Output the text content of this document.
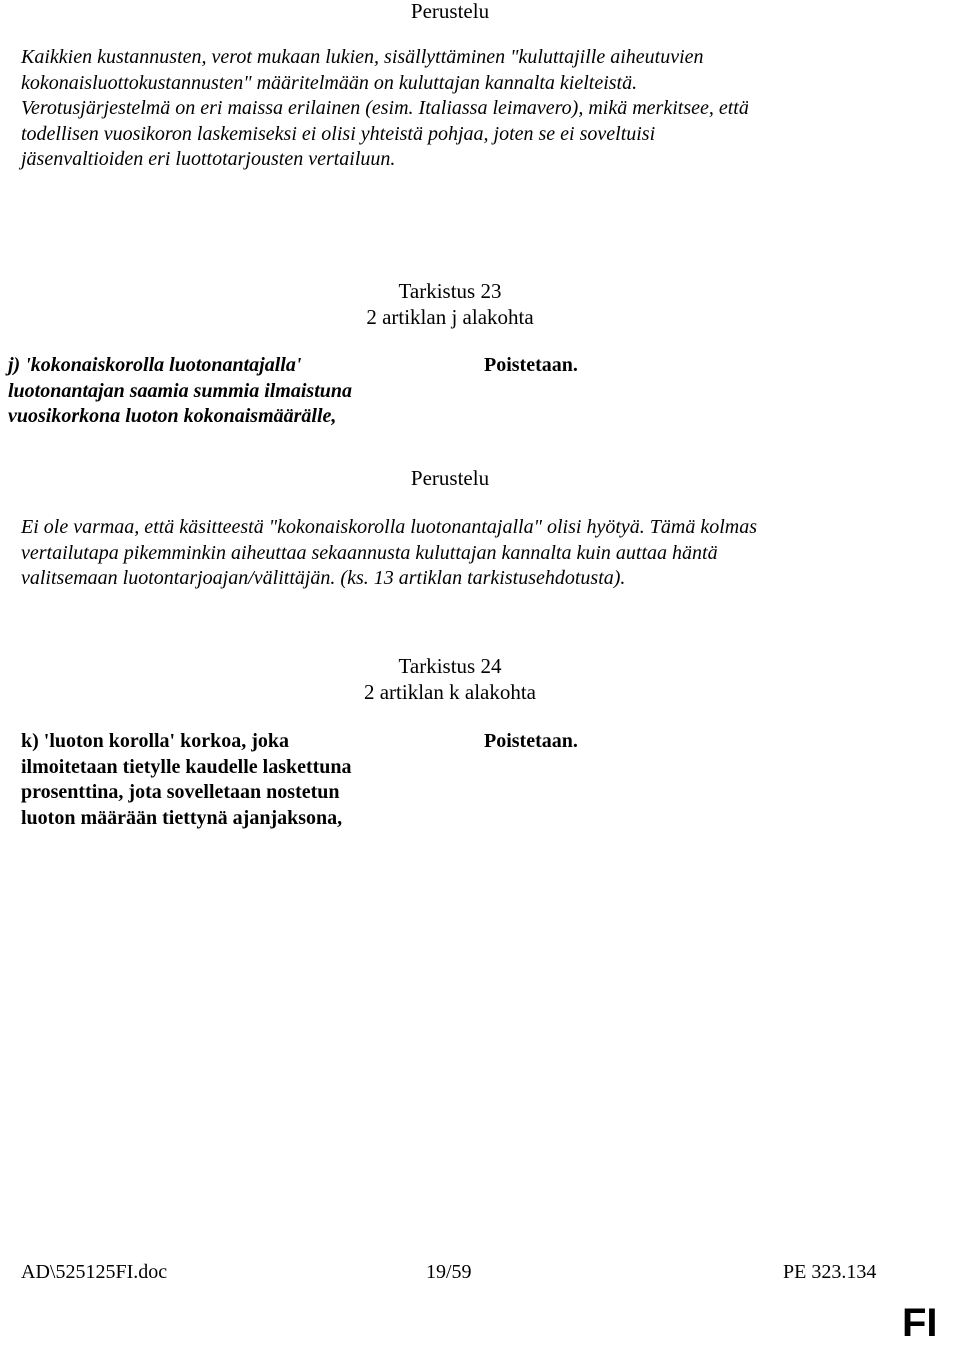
Perustelu
Kaikkien kustannusten, verot mukaan lukien, sisällyttäminen "kuluttajille aiheutuvien
kokonaisluottokustannusten" määritelmään on kuluttajan kannalta kielteistä.
Verotusjärjestelmä on eri maissa erilainen (esim. Italiassa leimavero), mikä merkitsee, että
todellisen vuosikoron laskemiseksi ei olisi yhteistä pohjaa, joten se ei soveltuisi
jäsenvaltioiden eri luottotarjousten vertailuun.
Tarkistus 23
2 artiklan j alakohta
j) 'kokonaiskorolla luotonantajalla'
luotonantajan saamia summia ilmaistuna
vuosikorkona luoton kokonaismäärälle,
Poistetaan.
Perustelu
Ei ole varmaa, että käsitteestä "kokonaiskorolla luotonantajalla" olisi hyötyä. Tämä kolmas
vertailutapa pikemminkin aiheuttaa sekaannusta kuluttajan kannalta kuin auttaa häntä
valitsemaan luotontarjoajan/välittäjän. (ks. 13 artiklan tarkistusehdotusta).
Tarkistus 24
2 artiklan k alakohta
k) 'luoton korolla' korkoa, joka
ilmoitetaan tietylle kaudelle laskettuna
prosenttina, jota sovelletaan nostetun
luoton määrään tiettynä ajanjaksona,
Poistetaan.
AD\525125FI.doc	19/59	PE 323.134
FI
